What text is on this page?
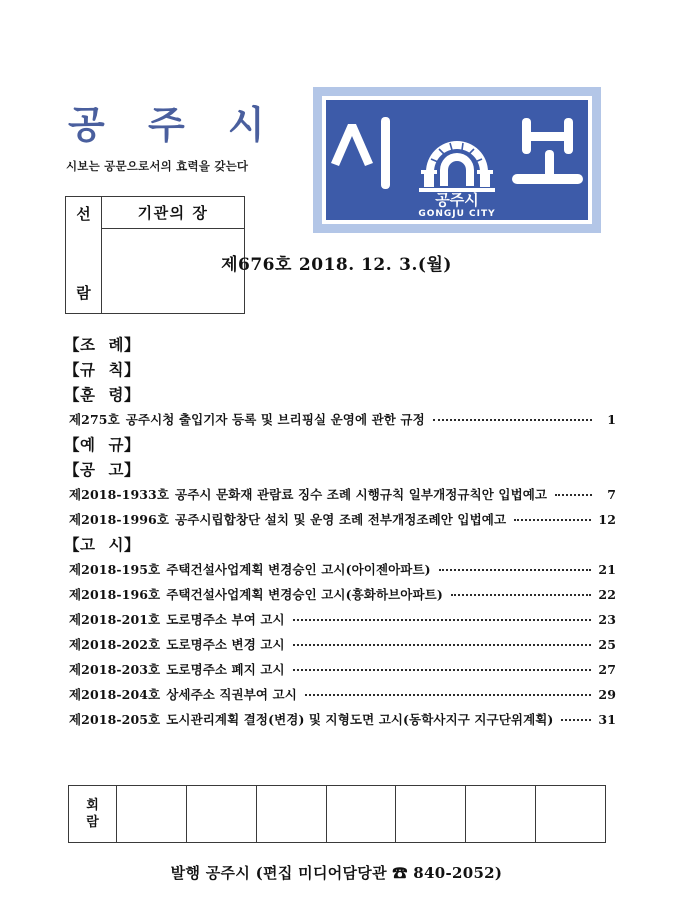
공 주 시
시보는 공문으로서의 효력을 갖는다
선
람
기관의 장
공주시
GONGJU CITY
제676호 2018. 12. 3.(월)
【조 례】
【규 칙】
【훈 령】
제275호 공주시청 출입기자 등록 및 브리핑실 운영에 관한 규정	1
【예 규】
【공 고】
제2018-1933호 공주시 문화재 관람료 징수 조례 시행규칙 일부개정규칙안 입법예고	7
제2018-1996호 공주시립합창단 설치 및 운영 조례 전부개정조례안 입법예고	12
【고 시】
제2018-195호 주택건설사업계획 변경승인 고시(아이젠아파트)	21
제2018-196호 주택건설사업계획 변경승인 고시(흥화하브아파트)	22
제2018-201호 도로명주소 부여 고시	23
제2018-202호 도로명주소 변경 고시	25
제2018-203호 도로명주소 폐지 고시	27
제2018-204호 상세주소 직권부여 고시	29
제2018-205호 도시관리계획 결정(변경) 및 지형도면 고시(동학사지구 지구단위계획)	31
회
람
발행 공주시 (편집 미디어담당관 ☎ 840-2052)
